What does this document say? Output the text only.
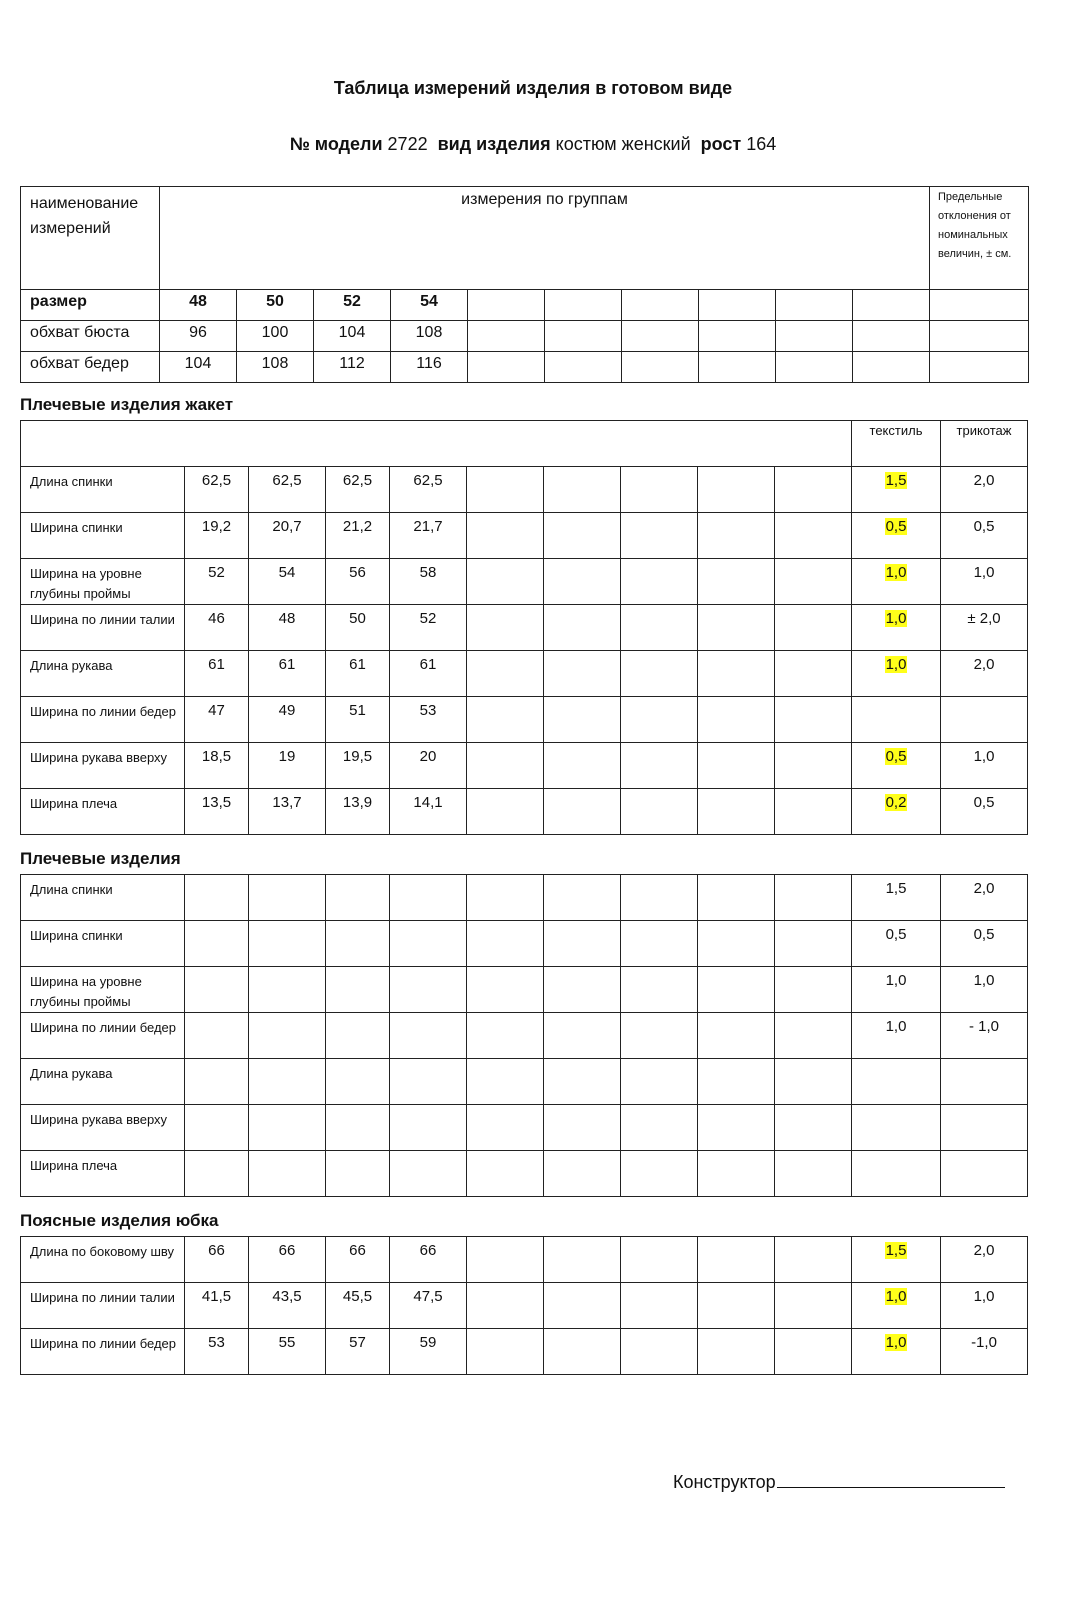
Таблица измерений изделия в готовом виде
№ модели 2722 вид изделия костюм женский рост 164
наименование измерений	измерения по группам										Предельные отклонения от номинальных величин, ± см.
размер	48	50	52	54							
обхват бюста	96	100	104	108							
обхват бедер	104	108	112	116							
Плечевые изделия жакет
										текстиль	трикотаж
Длина спинки	62,5	62,5	62,5	62,5						1,5	2,0
Ширина спинки	19,2	20,7	21,2	21,7						0,5	0,5
Ширина на уровне глубины проймы	52	54	56	58						1,0	1,0
Ширина по линии талии	46	48	50	52						1,0	± 2,0
Длина рукава	61	61	61	61						1,0	2,0
Ширина по линии бедер	47	49	51	53							
Ширина рукава вверху	18,5	19	19,5	20						0,5	1,0
Ширина плеча	13,5	13,7	13,9	14,1						0,2	0,5
Плечевые изделия
Длина спинки										1,5	2,0
Ширина спинки										0,5	0,5
Ширина на уровне глубины проймы										1,0	1,0
Ширина по линии бедер										1,0	- 1,0
Длина рукава											
Ширина рукава вверху											
Ширина плеча											
Поясные изделия юбка
Длина по боковому шву	66	66	66	66						1,5	2,0
Ширина по линии талии	41,5	43,5	45,5	47,5						1,0	1,0
Ширина по линии бедер	53	55	57	59						1,0	-1,0
Конструктор
